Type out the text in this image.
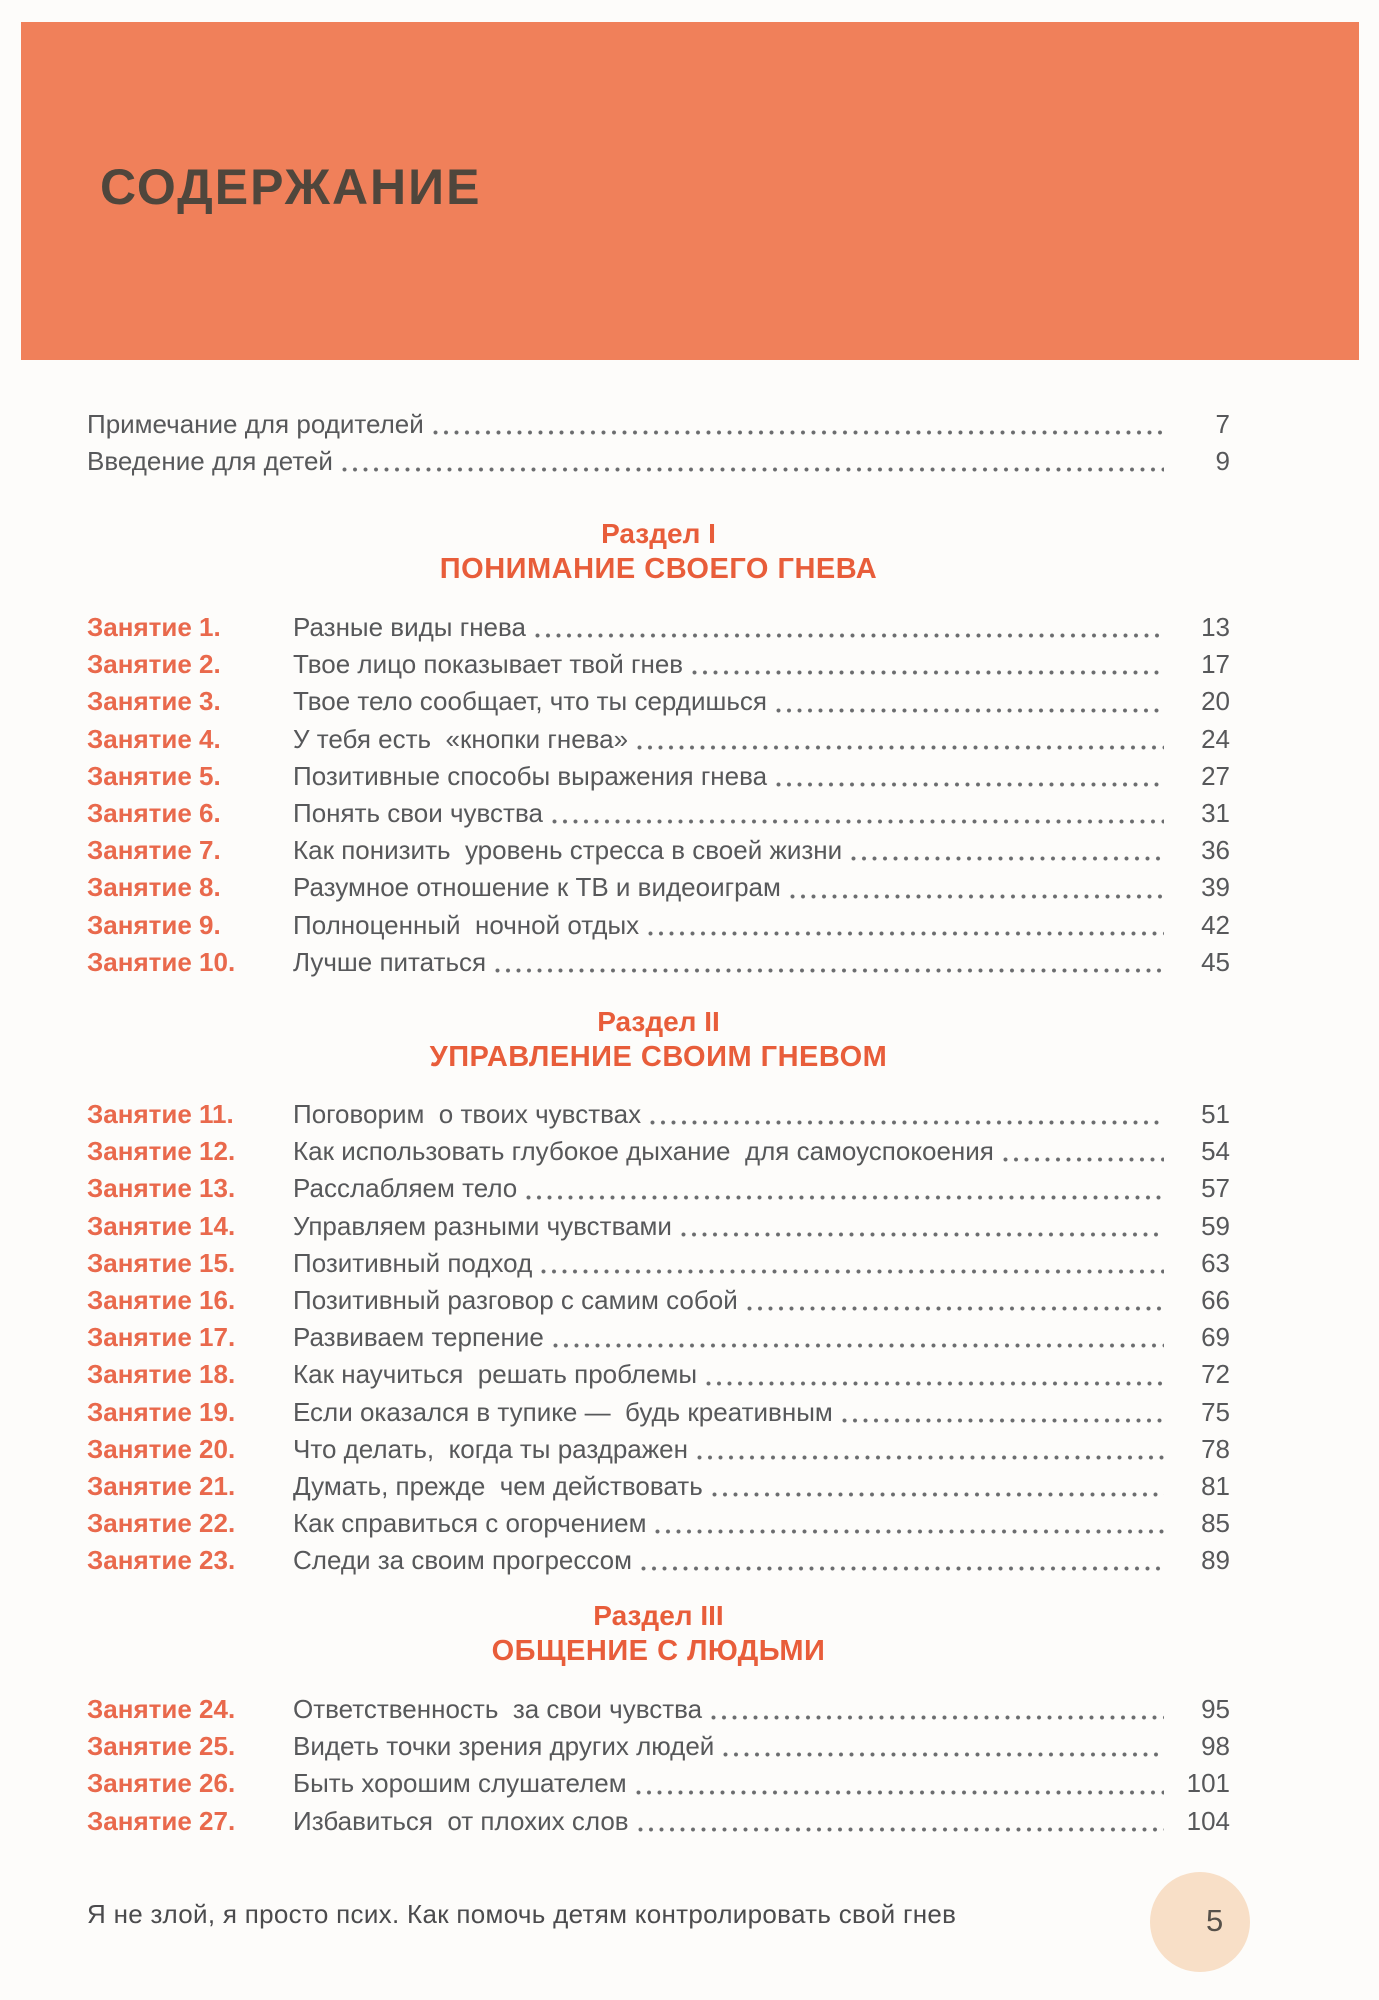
СОДЕРЖАНИЕ
Примечание для родителей	7
Введение для детей	9
Раздел I
ПОНИМАНИЕ СВОЕГО ГНЕВА
Занятие 1.	Разные виды гнева	13
Занятие 2.	Твое лицо показывает твой гнев	17
Занятие 3.	Твое тело сообщает, что ты сердишься	20
Занятие 4.	У тебя есть  «кнопки гнева»	24
Занятие 5.	Позитивные способы выражения гнева	27
Занятие 6.	Понять свои чувства	31
Занятие 7.	Как понизить  уровень стресса в своей жизни	36
Занятие 8.	Разумное отношение к ТВ и видеоиграм	39
Занятие 9.	Полноценный  ночной отдых	42
Занятие 10.	Лучше питаться	45
Раздел II
УПРАВЛЕНИЕ СВОИМ ГНЕВОМ
Занятие 11.	Поговорим  о твоих чувствах	51
Занятие 12.	Как использовать глубокое дыхание  для самоуспокоения	54
Занятие 13.	Расслабляем тело	57
Занятие 14.	Управляем разными чувствами	59
Занятие 15.	Позитивный подход	63
Занятие 16.	Позитивный разговор с самим собой	66
Занятие 17.	Развиваем терпение	69
Занятие 18.	Как научиться  решать проблемы	72
Занятие 19.	Если оказался в тупике —  будь креативным	75
Занятие 20.	Что делать,  когда ты раздражен	78
Занятие 21.	Думать, прежде  чем действовать	81
Занятие 22.	Как справиться с огорчением	85
Занятие 23.	Следи за своим прогрессом	89
Раздел III
ОБЩЕНИЕ С ЛЮДЬМИ
Занятие 24.	Ответственность  за свои чувства	95
Занятие 25.	Видеть точки зрения других людей	98
Занятие 26.	Быть хорошим слушателем	101
Занятие 27.	Избавиться  от плохих слов	104
Я не злой, я просто псих. Как помочь детям контролировать свой гнев	5
